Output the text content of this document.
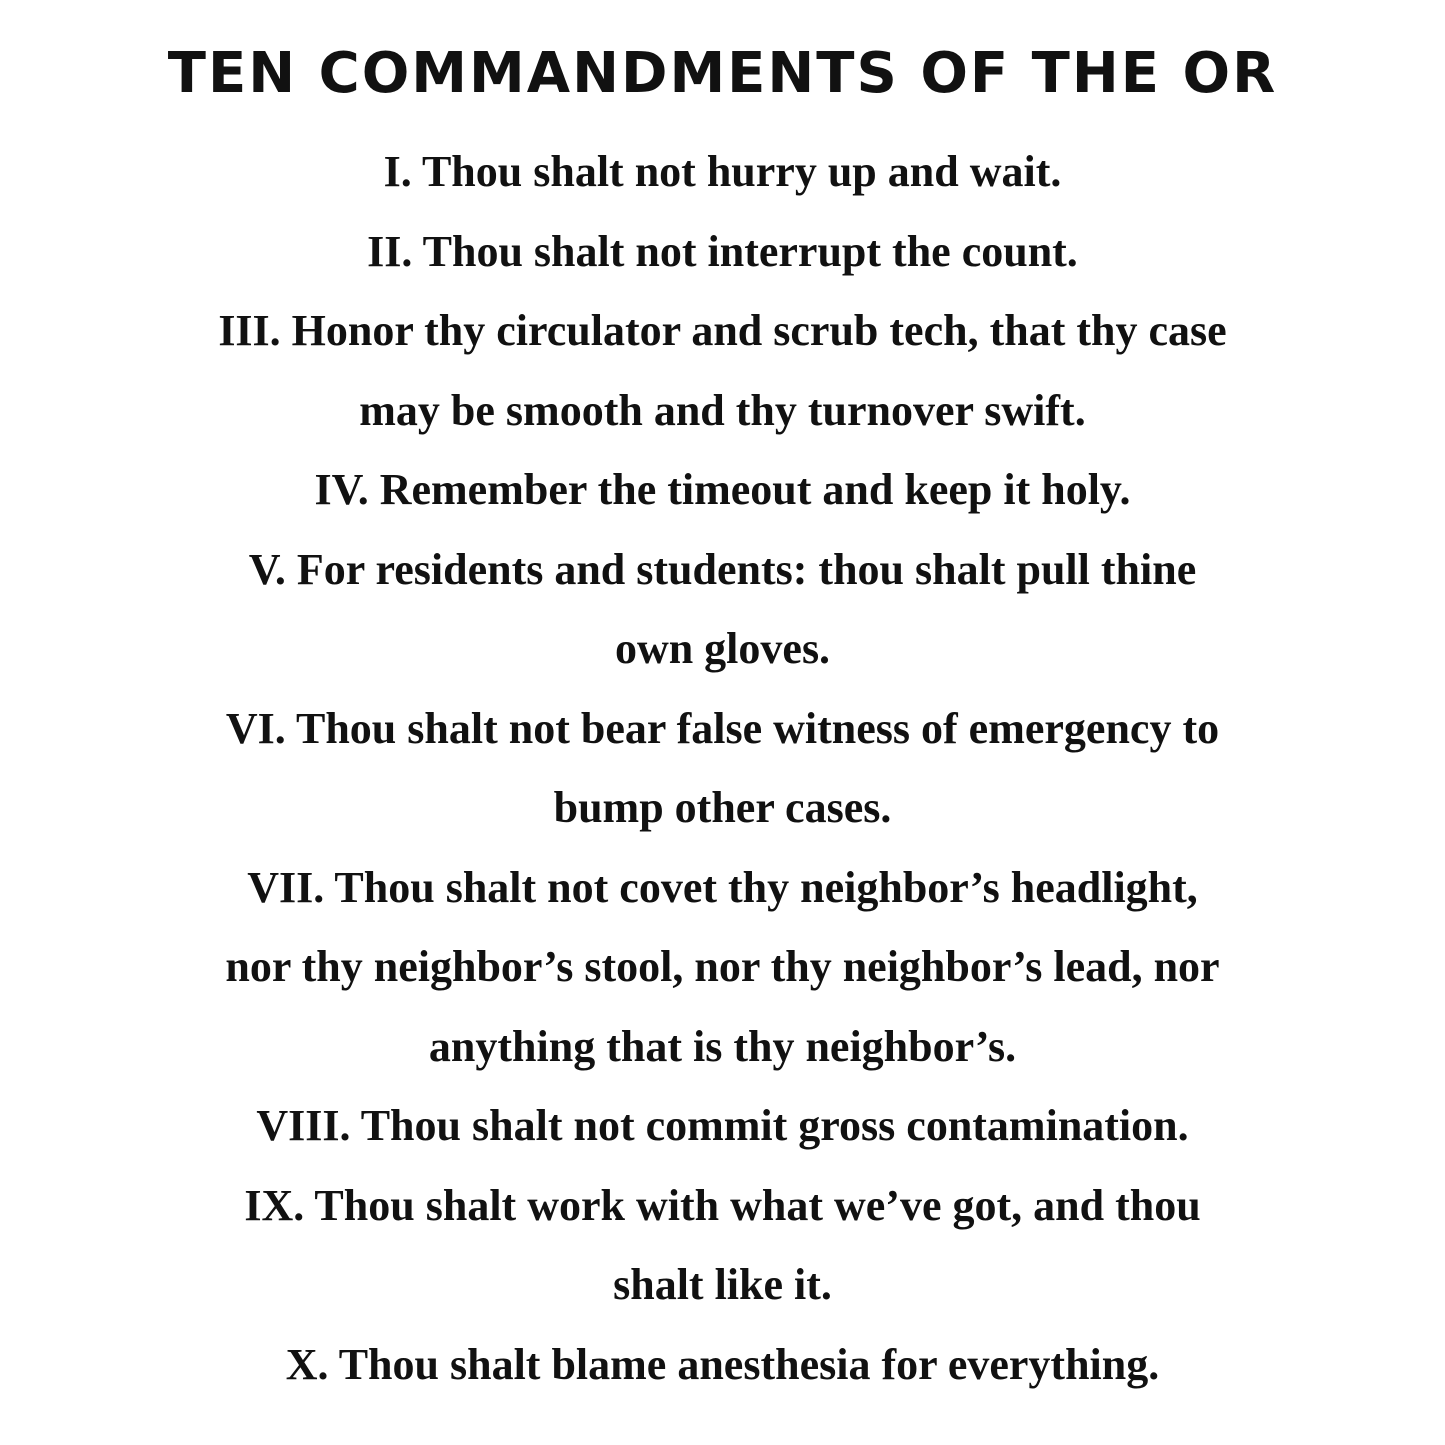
TEN COMMANDMENTS OF THE OR

I. Thou shalt not hurry up and wait.

II. Thou shalt not interrupt the count.

III. Honor thy circulator and scrub tech, that thy case

may be smooth and thy turnover swift.

IV. Remember the timeout and keep it holy.

V. For residents and students: thou shalt pull thine

own gloves.

VI. Thou shalt not bear false witness of emergency to

bump other cases.

VII. Thou shalt not covet thy neighbor’s headlight,

nor thy neighbor’s stool, nor thy neighbor’s lead, nor

anything that is thy neighbor’s.

VIII. Thou shalt not commit gross contamination.

IX. Thou shalt work with what we’ve got, and thou

shalt like it.

X. Thou shalt blame anesthesia for everything.
